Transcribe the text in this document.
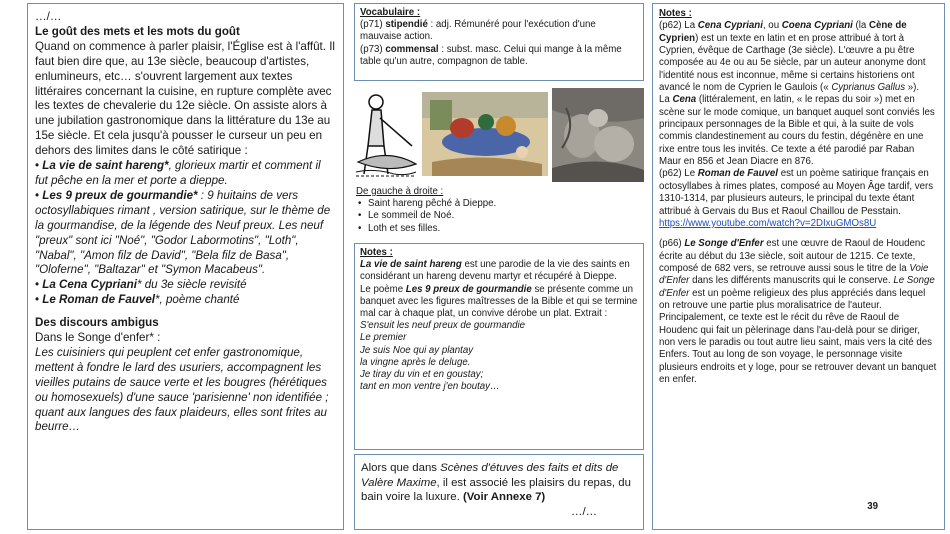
…/…
Le goût des mets et les mots du goût
Quand on commence à parler plaisir, l'Église est à l'affût. Il faut bien dire que, au 13e siècle, beaucoup d'artistes, enlumineurs, etc… s'ouvrent largement aux textes littéraires concernant la cuisine, en rupture complète avec les textes de chevalerie du 12e siècle. On assiste alors à une jubilation gastronomique dans la littérature du 13e au 15e siècle. Et cela jusqu'à pousser le curseur un peu en dehors des limites dans le côté satirique :
• La vie de saint hareng*, glorieux martir et comment il fut pêche en la mer et porte a dieppe.
• Les 9 preux de gourmandie* : 9 huitains de vers octosyllabiques rimant , version satirique, sur le thème de la gourmandise, de la légende des Neuf preux. Les neuf "preux" sont ici "Noé", "Godor Labormotins", "Loth", "Nabal", "Amon filz de David", "Bela filz de Basa", "Oloferne", "Baltazar" et "Symon Macabeus".
• La Cena Cypriani* du 3e siècle revisité
• Le Roman de Fauvel*, poème chanté
Des discours ambigus
Dans le Songe d'enfer* :
Les cuisiniers qui peuplent cet enfer gastronomique, mettent à fondre le lard des usuriers, accompagnent les vieilles putains de sauce verte et les bougres (hérétiques ou homosexuels) d'une sauce 'parisienne' non identifiée ; quant aux langues des faux plaideurs, elles sont frites au beurre…
Vocabulaire :
(p71) stipendié : adj. Rémunéré pour l'exécution d'une mauvaise action.
(p73) commensal : subst. masc. Celui qui mange à la même table qu'un autre, compagnon de table.
De gauche à droite :
• Saint hareng pêché à Dieppe.
• Le sommeil de Noé.
• Loth et ses filles.
Notes :
La vie de saint hareng est une parodie de la vie des saints en considérant un hareng devenu martyr et récupéré à Dieppe.
Le poème Les 9 preux de gourmandie se présente comme un banquet avec les figures maîtresses de la Bible et qui se termine mal car à chaque plat, un convive dérobe un plat. Extrait :
S'ensuit les neuf preux de gourmandie
Le premier
Je suis Noe qui ay plantay
la vingne après le deluge.
Je tiray du vin et en goustay;
tant en mon ventre j'en boutay…
Alors que dans Scènes d'étuves des faits et dits de Valère Maxime, il est associé les plaisirs du repas, du bain voire la luxure. (Voir Annexe 7)
…/…
Notes :
(p62) La Cena Cypriani, ou Coena Cypriani (la Cène de Cyprien) est un texte en latin et en prose attribué à tort à Cyprien, évêque de Carthage (3e siècle). L'œuvre a pu être composée au 4e ou au 5e siècle, par un auteur anonyme dont l'identité nous est inconnue, même si certains historiens ont avancé le nom de Cyprien le Gaulois (« Cyprianus Gallus »).
La Cena (littéralement, en latin, « le repas du soir ») met en scène sur le mode comique, un banquet auquel sont conviés les principaux personnages de la Bible et qui, à la suite de vols commis clandestinement au cours du festin, dégénère en une rixe entre tous les invités. Ce texte a été parodié par Raban Maur en 856 et Jean Diacre en 876.
(p62) Le Roman de Fauvel est un poème satirique français en octosyllabes à rimes plates, composé au Moyen Âge tardif, vers 1310-1314, par plusieurs auteurs, le principal du texte étant attribué à Gervais du Bus et Raoul Chaillou de Pesstain.
https://www.youtube.com/watch?v=2DIxuGMOs8U
(p66) Le Songe d'Enfer est une œuvre de Raoul de Houdenc écrite au début du 13e siècle, soit autour de 1215. Ce texte, composé de 682 vers, se retrouve aussi sous le titre de la Voie d'Enfer dans les différents manuscrits qui le conserve. Le Songe d'Enfer est un poème religieux des plus appréciés dans lequel on retrouve une partie plus moralisatrice de l'auteur. Principalement, ce texte est le récit du rêve de Raoul de Houdenc qui fait un pèlerinage dans l'au-delà pour se diriger, non vers le paradis ou tout autre lieu saint, mais vers la cité des Enfers. Tout au long de son voyage, le personnage visite plusieurs endroits et y loge, pour se retrouver devant un banquet en enfer.
39
